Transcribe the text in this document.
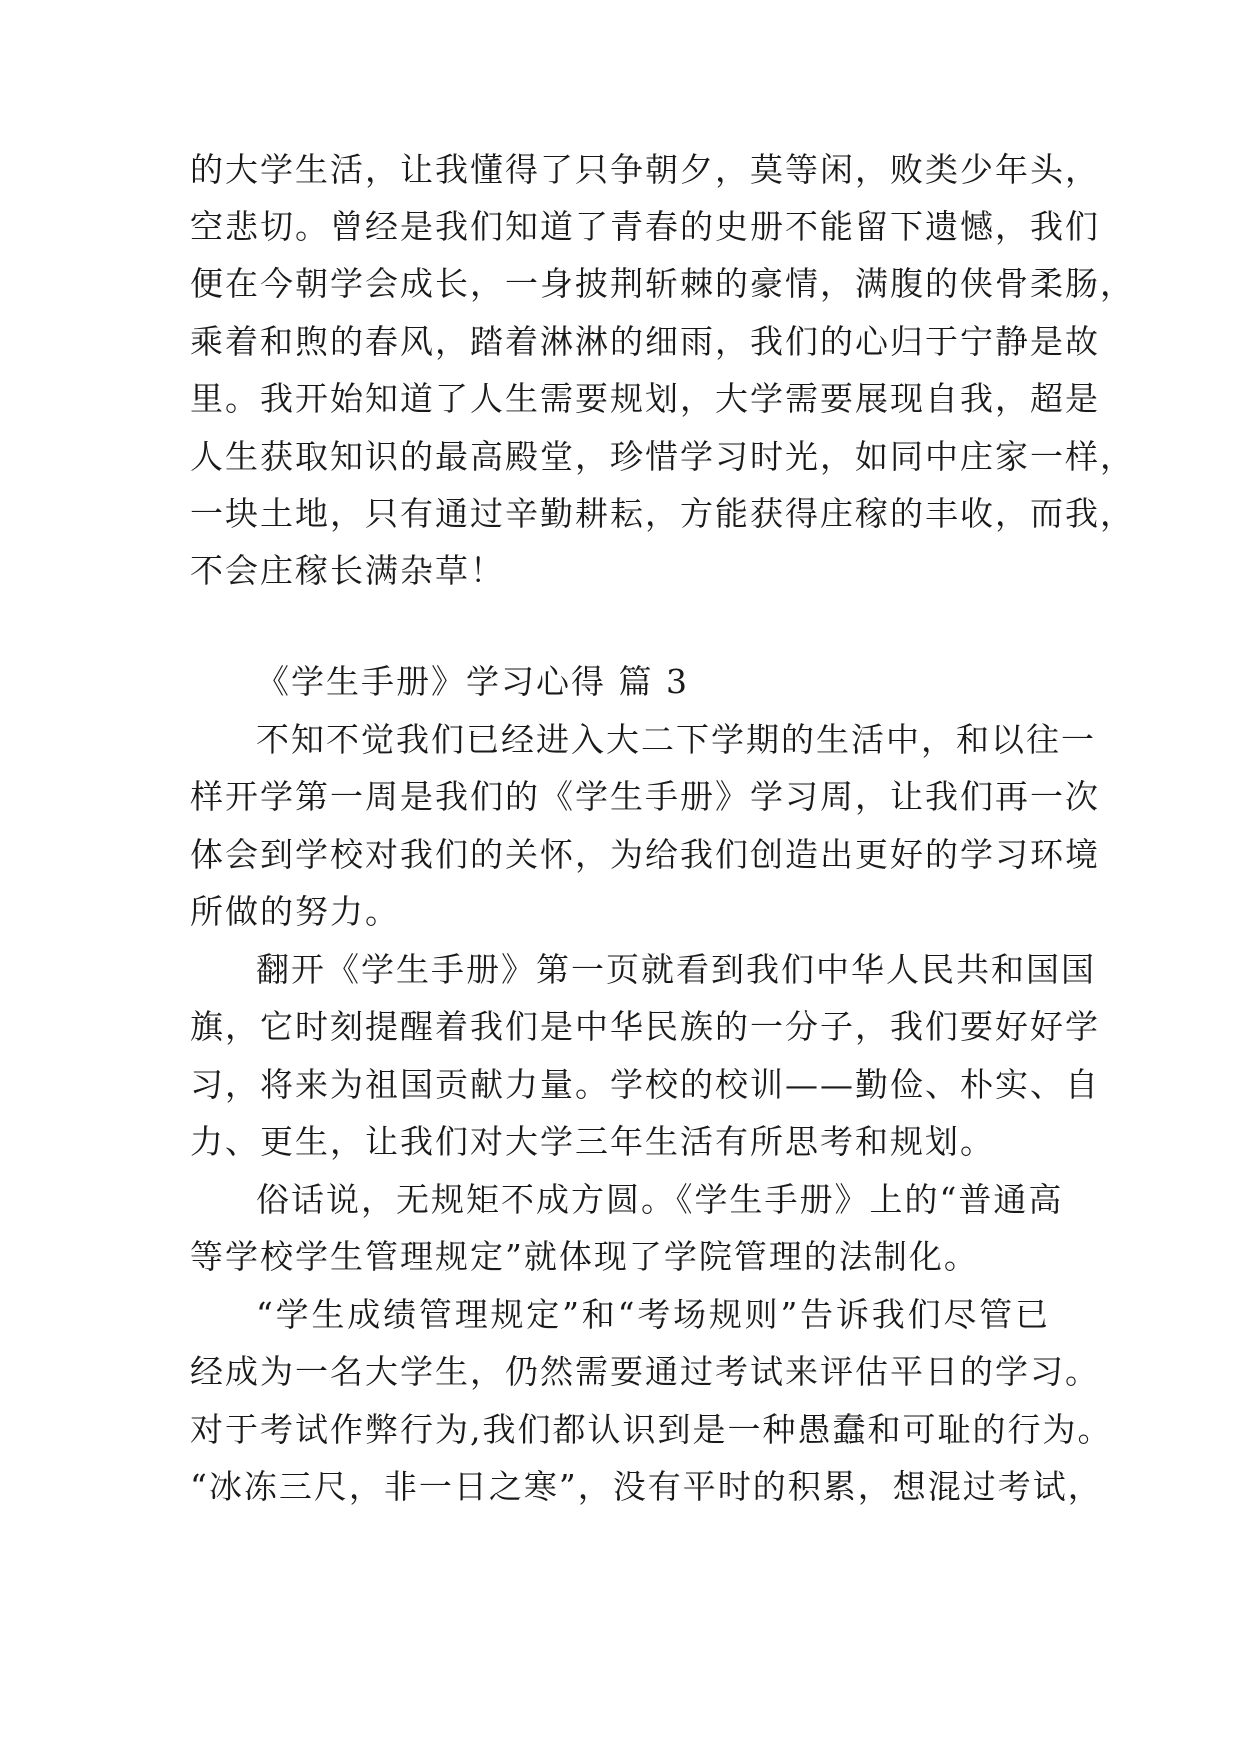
的大学生活，让我懂得了只争朝夕，莫等闲，败类少年头，
空悲切。曾经是我们知道了青春的史册不能留下遗憾，我们
便在今朝学会成长，一身披荆斩棘的豪情，满腹的侠骨柔肠，
乘着和煦的春风，踏着淋淋的细雨，我们的心归于宁静是故
里。我开始知道了人生需要规划，大学需要展现自我，超是
人生获取知识的最高殿堂，珍惜学习时光，如同中庄家一样，
一块土地，只有通过辛勤耕耘，方能获得庄稼的丰收，而我，
不会庄稼长满杂草！
《学生手册》学习心得 篇 3
不知不觉我们已经进入大二下学期的生活中，和以往一
样开学第一周是我们的《学生手册》学习周，让我们再一次
体会到学校对我们的关怀，为给我们创造出更好的学习环境
所做的努力。
翻开《学生手册》第一页就看到我们中华人民共和国国
旗，它时刻提醒着我们是中华民族的一分子，我们要好好学
习，将来为祖国贡献力量。学校的校训——勤俭、朴实、自
力、更生，让我们对大学三年生活有所思考和规划。
俗话说，无规矩不成方圆。《学生手册》上的“普通高
等学校学生管理规定”就体现了学院管理的法制化。
“学生成绩管理规定”和“考场规则”告诉我们尽管已
经成为一名大学生，仍然需要通过考试来评估平日的学习。
对于考试作弊行为,我们都认识到是一种愚蠢和可耻的行为。
“冰冻三尺，非一日之寒”，没有平时的积累，想混过考试，
